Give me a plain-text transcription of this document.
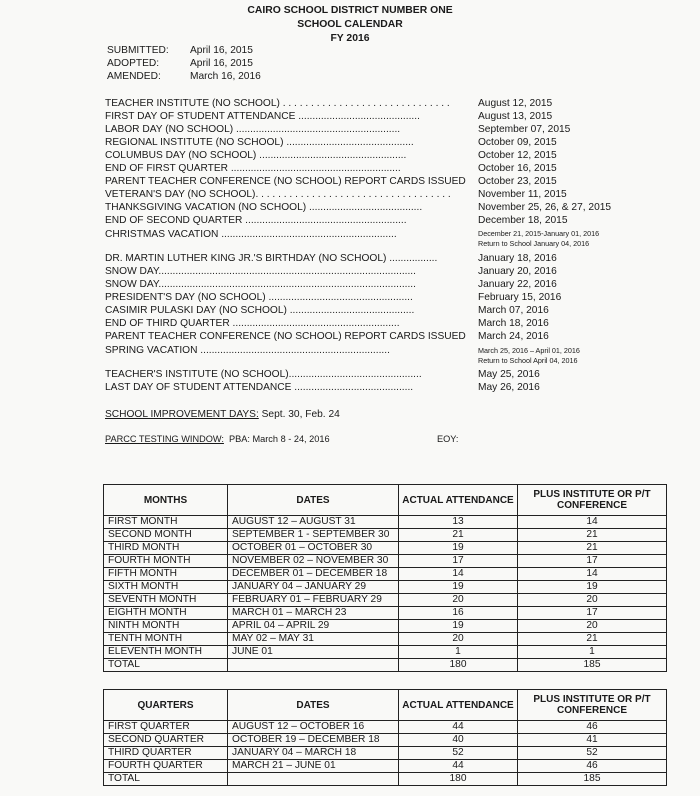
CAIRO SCHOOL DISTRICT NUMBER ONE
SCHOOL CALENDAR
FY 2016
SUBMITTED: April 16, 2015
ADOPTED:	April 16, 2015
AMENDED:	March 16, 2016
TEACHER INSTITUTE (NO SCHOOL) . . . . . . . . . . . . . . . . . . . . . . . . . . . . . .	August 12, 2015
FIRST DAY OF STUDENT ATTENDANCE ...........................................	August 13, 2015
LABOR DAY (NO SCHOOL) ..........................................................	September 07, 2015
REGIONAL INSTITUTE (NO SCHOOL) .............................................	October 09, 2015
COLUMBUS DAY (NO SCHOOL) ....................................................	October 12, 2015
END OF FIRST QUARTER ............................................................	October 16, 2015
PARENT TEACHER CONFERENCE (NO SCHOOL) REPORT CARDS ISSUED October 23, 2015
VETERAN'S DAY (NO SCHOOL). . . . . . . . . . . . . . . . . . . . . . . . . . . . . . . . . . .	November 11, 2015
THANKSGIVING VACATION (NO SCHOOL) ........................................	November 25, 26, & 27, 2015
END OF SECOND QUARTER .........................................................	December 18, 2015
CHRISTMAS VACATION ..............................................................	December 21, 2015-January 01, 2016
Return to School January 04, 2016
DR. MARTIN LUTHER KING JR.'S BIRTHDAY (NO SCHOOL) .................	January 18, 2016
SNOW DAY...........................................................................................	January 20, 2016
SNOW DAY...........................................................................................	January 22, 2016
PRESIDENT'S DAY (NO SCHOOL) ...................................................	February 15, 2016
CASIMIR PULASKI DAY (NO SCHOOL) ............................................	March 07, 2016
END OF THIRD QUARTER ...........................................................	March 18, 2016
PARENT TEACHER CONFERENCE (NO SCHOOL) REPORT CARDS ISSUED March 24, 2016
SPRING VACATION ...................................................................	March 25, 2016 – April 01, 2016
Return to School April 04, 2016
TEACHER'S INSTITUTE (NO SCHOOL)...............................................	May 25, 2016
LAST DAY OF STUDENT ATTENDANCE ..........................................	May 26, 2016
SCHOOL IMPROVEMENT DAYS: Sept. 30, Feb. 24
PARCC TESTING WINDOW: PBA: March 8 - 24, 2016	EOY:
MONTHS	DATES	ACTUAL ATTENDANCE	PLUS INSTITUTE OR P/T CONFERENCE
FIRST MONTH	AUGUST 12 – AUGUST 31	13	14
SECOND MONTH	SEPTEMBER 1 - SEPTEMBER 30	21	21
THIRD MONTH	OCTOBER 01 – OCTOBER 30	19	21
FOURTH MONTH	NOVEMBER 02 – NOVEMBER 30	17	17
FIFTH MONTH	DECEMBER 01 – DECEMBER 18	14	14
SIXTH MONTH	JANUARY 04 – JANUARY 29	19	19
SEVENTH MONTH	FEBRUARY 01 – FEBRUARY 29	20	20
EIGHTH MONTH	MARCH 01 – MARCH 23	16	17
NINTH MONTH	APRIL 04 – APRIL 29	19	20
TENTH MONTH	MAY 02 – MAY 31	20	21
ELEVENTH MONTH	JUNE 01	1	1
TOTAL		180	185
QUARTERS	DATES	ACTUAL ATTENDANCE	PLUS INSTITUTE OR P/T CONFERENCE
FIRST QUARTER	AUGUST 12 – OCTOBER 16	44	46
SECOND QUARTER	OCTOBER 19 – DECEMBER 18	40	41
THIRD QUARTER	JANUARY 04 – MARCH 18	52	52
FOURTH QUARTER	MARCH 21 – JUNE 01	44	46
TOTAL		180	185
